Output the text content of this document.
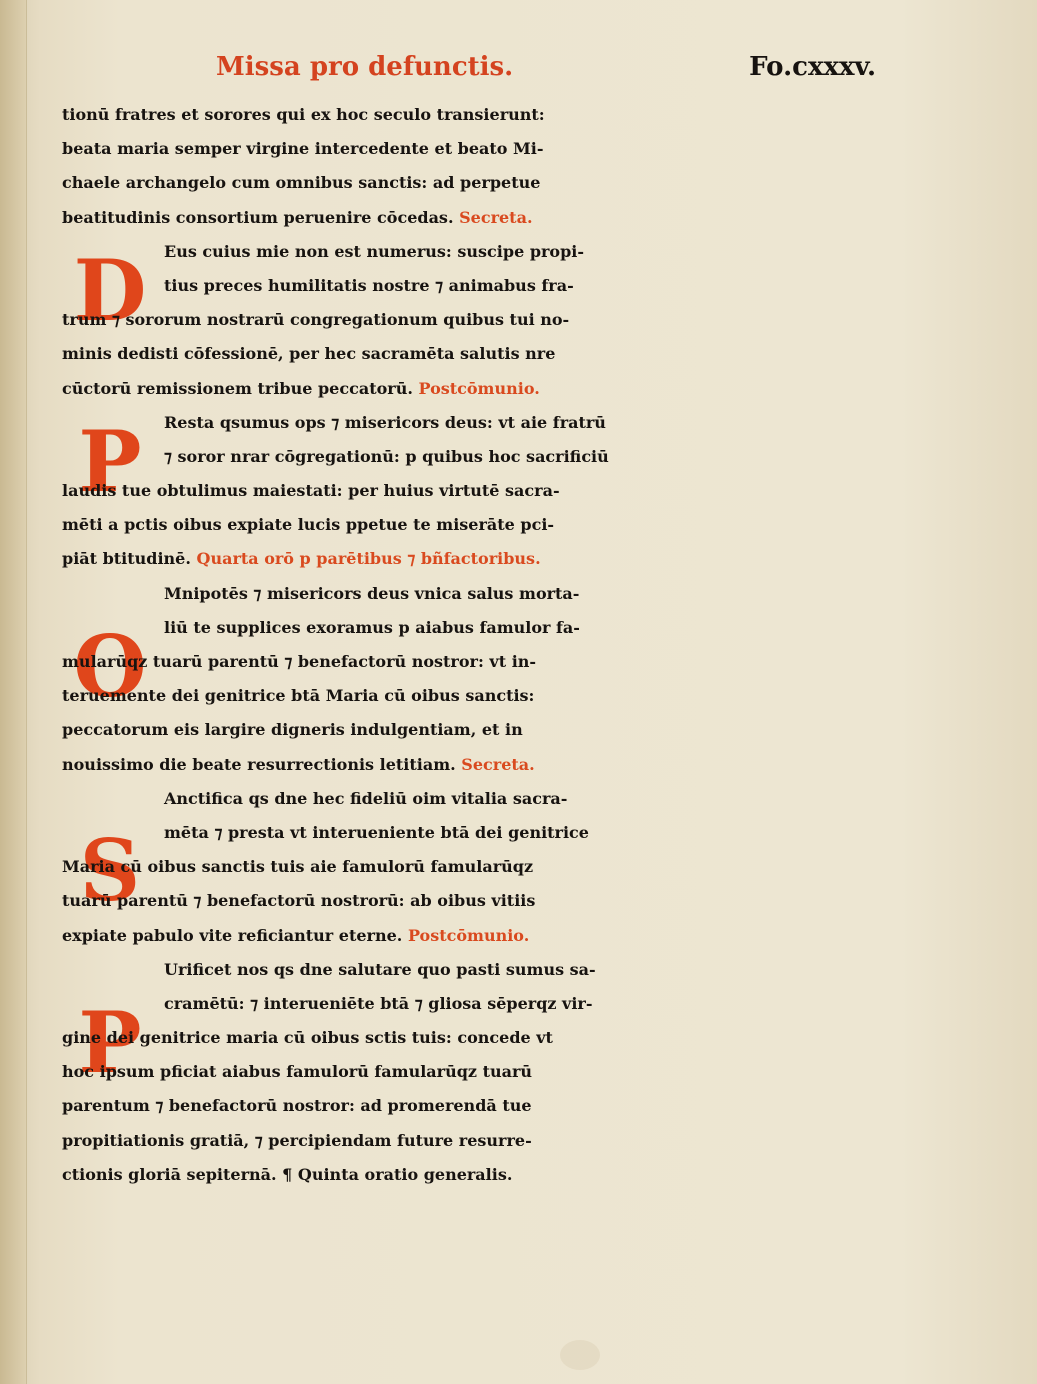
Missa pro defunctis.	Fo.cxxxv.
D
P
O
S
P
tionū fratres et sorores qui ex hoc seculo transierunt:
beata maria semper virgine intercedente et beato Mi-
chaele archangelo cum omnibus sanctis: ad perpetue
beatitudinis consortium peruenire cōcedas. Secreta.
Eus cuius mie non est numerus: suscipe propi-
tius preces humilitatis nostre ⁊ animabus fra-
trum ⁊ sororum nostrarū congregationum quibus tui no-
minis dedisti cōfessionē, per hec sacramēta salutis nre
cūctorū remissionem tribue peccatorū. Postcōmunio.
Resta qsumus ops ⁊ misericors deus: vt aie fratrū
⁊ soror nrar cōgregationū: p quibus hoc sacrificiū
laudis tue obtulimus maiestati: per huius virtutē sacra-
mēti a pctis oibus expiate lucis ppetue te miserāte pci-
piāt btitudinē. Quarta orō p parētibus ⁊ bñfactoribus.
Mnipotēs ⁊ misericors deus vnica salus morta-
liū te supplices exoramus p aiabus famulor fa-
mularūqz tuarū parentū ⁊ benefactorū nostror: vt in-
teruemente dei genitrice btā Maria cū oibus sanctis:
peccatorum eis largire digneris indulgentiam, et in
nouissimo die beate resurrectionis letitiam. Secreta.
Anctifica qs dne hec fideliū oim vitalia sacra-
mēta ⁊ presta vt interueniente btā dei genitrice
Maria cū oibus sanctis tuis aie famulorū famularūqz
tuarū parentū ⁊ benefactorū nostrorū: ab oibus vitiis
expiate pabulo vite reficiantur eterne. Postcōmunio.
Urificet nos qs dne salutare quo pasti sumus sa-
cramētū: ⁊ interueniēte btā ⁊ gliosa sēperqz vir-
gine dei genitrice maria cū oibus sctis tuis: concede vt
hoc ipsum pficiat aiabus famulorū famularūqz tuarū
parentum ⁊ benefactorū nostror: ad promerendā tue
propitiationis gratiā, ⁊ percipiendam future resurre-
ctionis gloriā sepiternā. ¶ Quinta oratio generalis.
